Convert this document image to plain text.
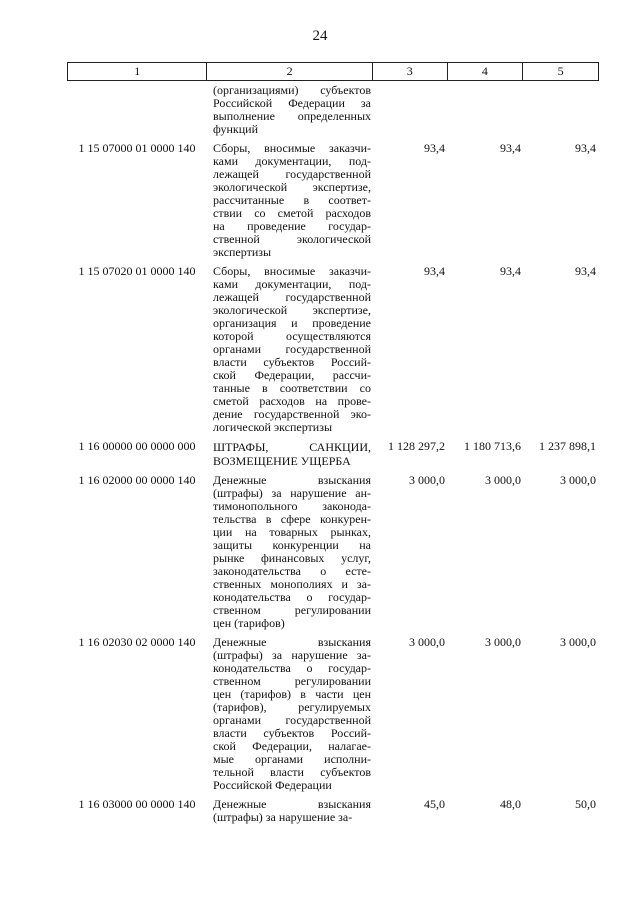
24
1	2	3	4	5
(организациями) субъектов
Российской Федерации за
выполнение определенных
функций
1 15 07000 01 0000 140	Сборы, вносимые заказчи-
ками документации, под-
лежащей государственной
экологической экспертизе,
рассчитанные в соответ-
ствии со сметой расходов
на проведение государ-
ственной экологической
экспертизы
93,4	93,4	93,4
1 15 07020 01 0000 140	Сборы, вносимые заказчи-
ками документации, под-
лежащей государственной
экологической экспертизе,
организация и проведение
которой осуществляются
органами государственной
власти субъектов Россий-
ской Федерации, рассчи-
танные в соответствии со
сметой расходов на прове-
дение государственной эко-
логической экспертизы
93,4	93,4	93,4
1 16 00000 00 0000 000	ШТРАФЫ, САНКЦИИ,
ВОЗМЕЩЕНИЕ УЩЕРБА
1 128 297,2	1 180 713,6	1 237 898,1
1 16 02000 00 0000 140	Денежные взыскания
(штрафы) за нарушение ан-
тимонопольного законода-
тельства в сфере конкурен-
ции на товарных рынках,
защиты конкуренции на
рынке финансовых услуг,
законодательства о есте-
ственных монополиях и за-
конодательства о государ-
ственном регулировании
цен (тарифов)
3 000,0	3 000,0	3 000,0
1 16 02030 02 0000 140	Денежные взыскания
(штрафы) за нарушение за-
конодательства о государ-
ственном регулировании
цен (тарифов) в части цен
(тарифов), регулируемых
органами государственной
власти субъектов Россий-
ской Федерации, налагае-
мые органами исполни-
тельной власти субъектов
Российской Федерации
3 000,0	3 000,0	3 000,0
1 16 03000 00 0000 140	Денежные взыскания
(штрафы) за нарушение за-
45,0	48,0	50,0
